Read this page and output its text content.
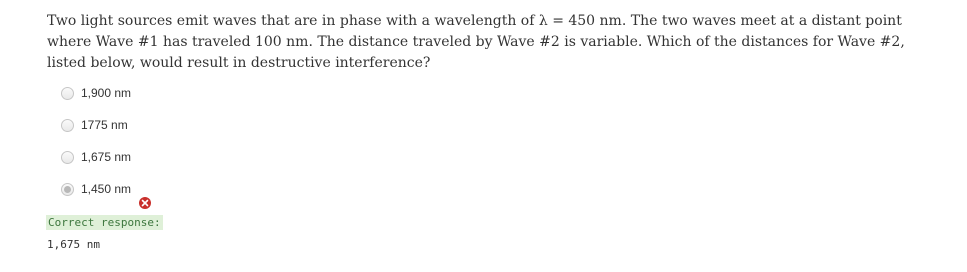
Two light sources emit waves that are in phase with a wavelength of λ = 450 nm. The two waves meet at a distant point where Wave #1 has traveled 100 nm. The distance traveled by Wave #2 is variable. Which of the distances for Wave #2, listed below, would result in destructive interference?

1,900 nm
1775 nm
1,675 nm
1,450 nm
Correct response:
1,675 nm
